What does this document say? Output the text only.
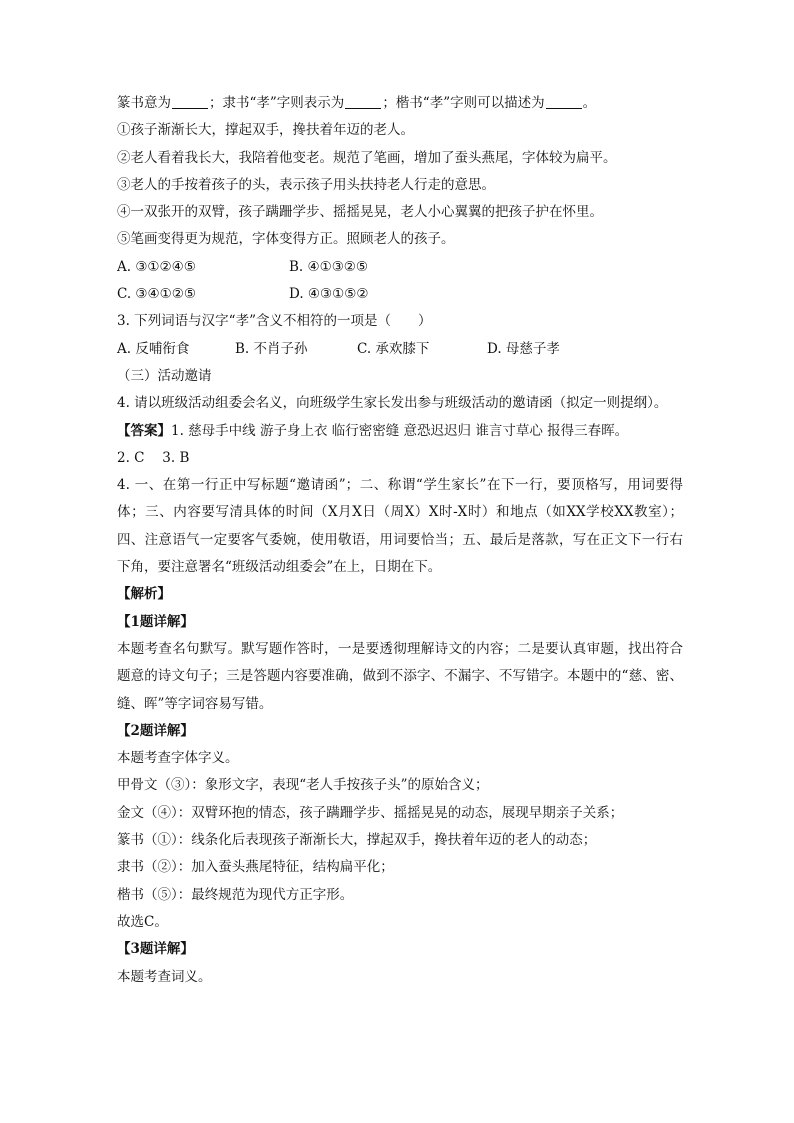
篆书意为	；隶书“孝”字则表示为	；楷书“孝”字则可以描述为	。
①孩子渐渐长大，撑起双手，搀扶着年迈的老人。
②老人看着我长大，我陪着他变老。规范了笔画，增加了蚕头燕尾，字体较为扁平。
③老人的手按着孩子的头，表示孩子用头扶持老人行走的意思。
④一双张开的双臂，孩子蹒跚学步、摇摇晃晃，老人小心翼翼的把孩子护在怀里。
⑤笔画变得更为规范，字体变得方正。照顾老人的孩子。
A. ③①②④⑤	B. ④①③②⑤
C. ③④①②⑤	D. ④③①⑤②
3. 下列词语与汉字“孝”含义不相符的一项是（　　）
A. 反哺衔食	B. 不肖子孙	C. 承欢膝下	D. 母慈子孝
（三）活动邀请
4. 请以班级活动组委会名义，向班级学生家长发出参与班级活动的邀请函（拟定一则提纲）。
【答案】1. 慈母手中线 游子身上衣 临行密密缝 意恐迟迟归 谁言寸草心 报得三春晖。
2. C　 3. B
4. 一、在第一行正中写标题“邀请函”；二、称谓“学生家长”在下一行，要顶格写，用词要得体；三、内容要写清具体的时间（X月X日（周X）X时-X时）和地点（如XX学校XX教室）；四、注意语气一定要客气委婉，使用敬语，用词要恰当；五、最后是落款，写在正文下一行右下角，要注意署名“班级活动组委会”在上，日期在下。
【解析】
【1题详解】
本题考查名句默写。默写题作答时，一是要透彻理解诗文的内容；二是要认真审题，找出符合题意的诗文句子；三是答题内容要准确，做到不添字、不漏字、不写错字。本题中的“慈、密、缝、晖”等字词容易写错。
【2题详解】
本题考查字体字义。
甲骨文（③）：象形文字，表现“老人手按孩子头”的原始含义；
金文（④）：双臂环抱的情态，孩子蹒跚学步、摇摇晃晃的动态，展现早期亲子关系；
篆书（①）：线条化后表现孩子渐渐长大，撑起双手，搀扶着年迈的老人的动态；
隶书（②）：加入蚕头燕尾特征，结构扁平化；
楷书（⑤）：最终规范为现代方正字形。
故选C。
【3题详解】
本题考查词义。
